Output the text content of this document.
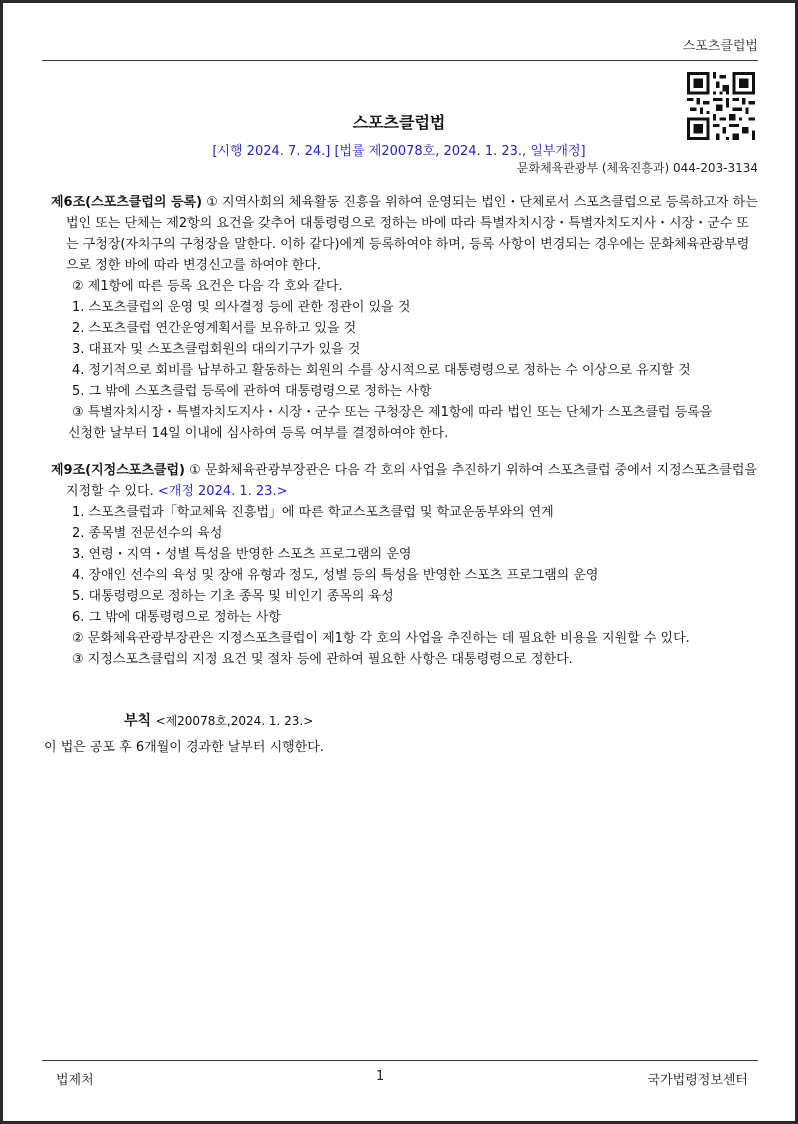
스포츠클럽법
스포츠클럽법
[시행 2024. 7. 24.] [법률 제20078호, 2024. 1. 23., 일부개정]
문화체육관광부 (체육진흥과) 044-203-3134

제6조(스포츠클럽의 등록) ① 지역사회의 체육활동 진흥을 위하여 운영되는 법인・단체로서 스포츠클럽으로 등록하고자 하는 법인 또는 단체는 제2항의 요건을 갖추어 대통령령으로 정하는 바에 따라 특별자치시장・특별자치도지사・시장・군수 또는 구청장(자치구의 구청장을 말한다. 이하 같다)에게 등록하여야 하며, 등록 사항이 변경되는 경우에는 문화체육관광부령으로 정한 바에 따라 변경신고를 하여야 한다.

② 제1항에 따른 등록 요건은 다음 각 호와 같다.

1. 스포츠클럽의 운영 및 의사결정 등에 관한 정관이 있을 것

2. 스포츠클럽 연간운영계획서를 보유하고 있을 것

3. 대표자 및 스포츠클럽회원의 대의기구가 있을 것

4. 정기적으로 회비를 납부하고 활동하는 회원의 수를 상시적으로 대통령령으로 정하는 수 이상으로 유지할 것

5. 그 밖에 스포츠클럽 등록에 관하여 대통령령으로 정하는 사항

③ 특별자치시장・특별자치도지사・시장・군수 또는 구청장은 제1항에 따라 법인 또는 단체가 스포츠클럽 등록을

신청한 날부터 14일 이내에 심사하여 등록 여부를 결정하여야 한다.

제9조(지정스포츠클럽) ① 문화체육관광부장관은 다음 각 호의 사업을 추진하기 위하여 스포츠클럽 중에서 지정스포츠클럽을 지정할 수 있다. <개정 2024. 1. 23.>

1. 스포츠클럽과「학교체육 진흥법」에 따른 학교스포츠클럽 및 학교운동부와의 연계

2. 종목별 전문선수의 육성

3. 연령・지역・성별 특성을 반영한 스포츠 프로그램의 운영

4. 장애인 선수의 육성 및 장애 유형과 정도, 성별 등의 특성을 반영한 스포츠 프로그램의 운영

5. 대통령령으로 정하는 기초 종목 및 비인기 종목의 육성

6. 그 밖에 대통령령으로 정하는 사항

② 문화체육관광부장관은 지정스포츠클럽이 제1항 각 호의 사업을 추진하는 데 필요한 비용을 지원할 수 있다.

③ 지정스포츠클럽의 지정 요건 및 절차 등에 관하여 필요한 사항은 대통령령으로 정한다.

부칙 <제20078호,2024. 1. 23.>
이 법은 공포 후 6개월이 경과한 날부터 시행한다.
법제처	1	국가법령정보센터
